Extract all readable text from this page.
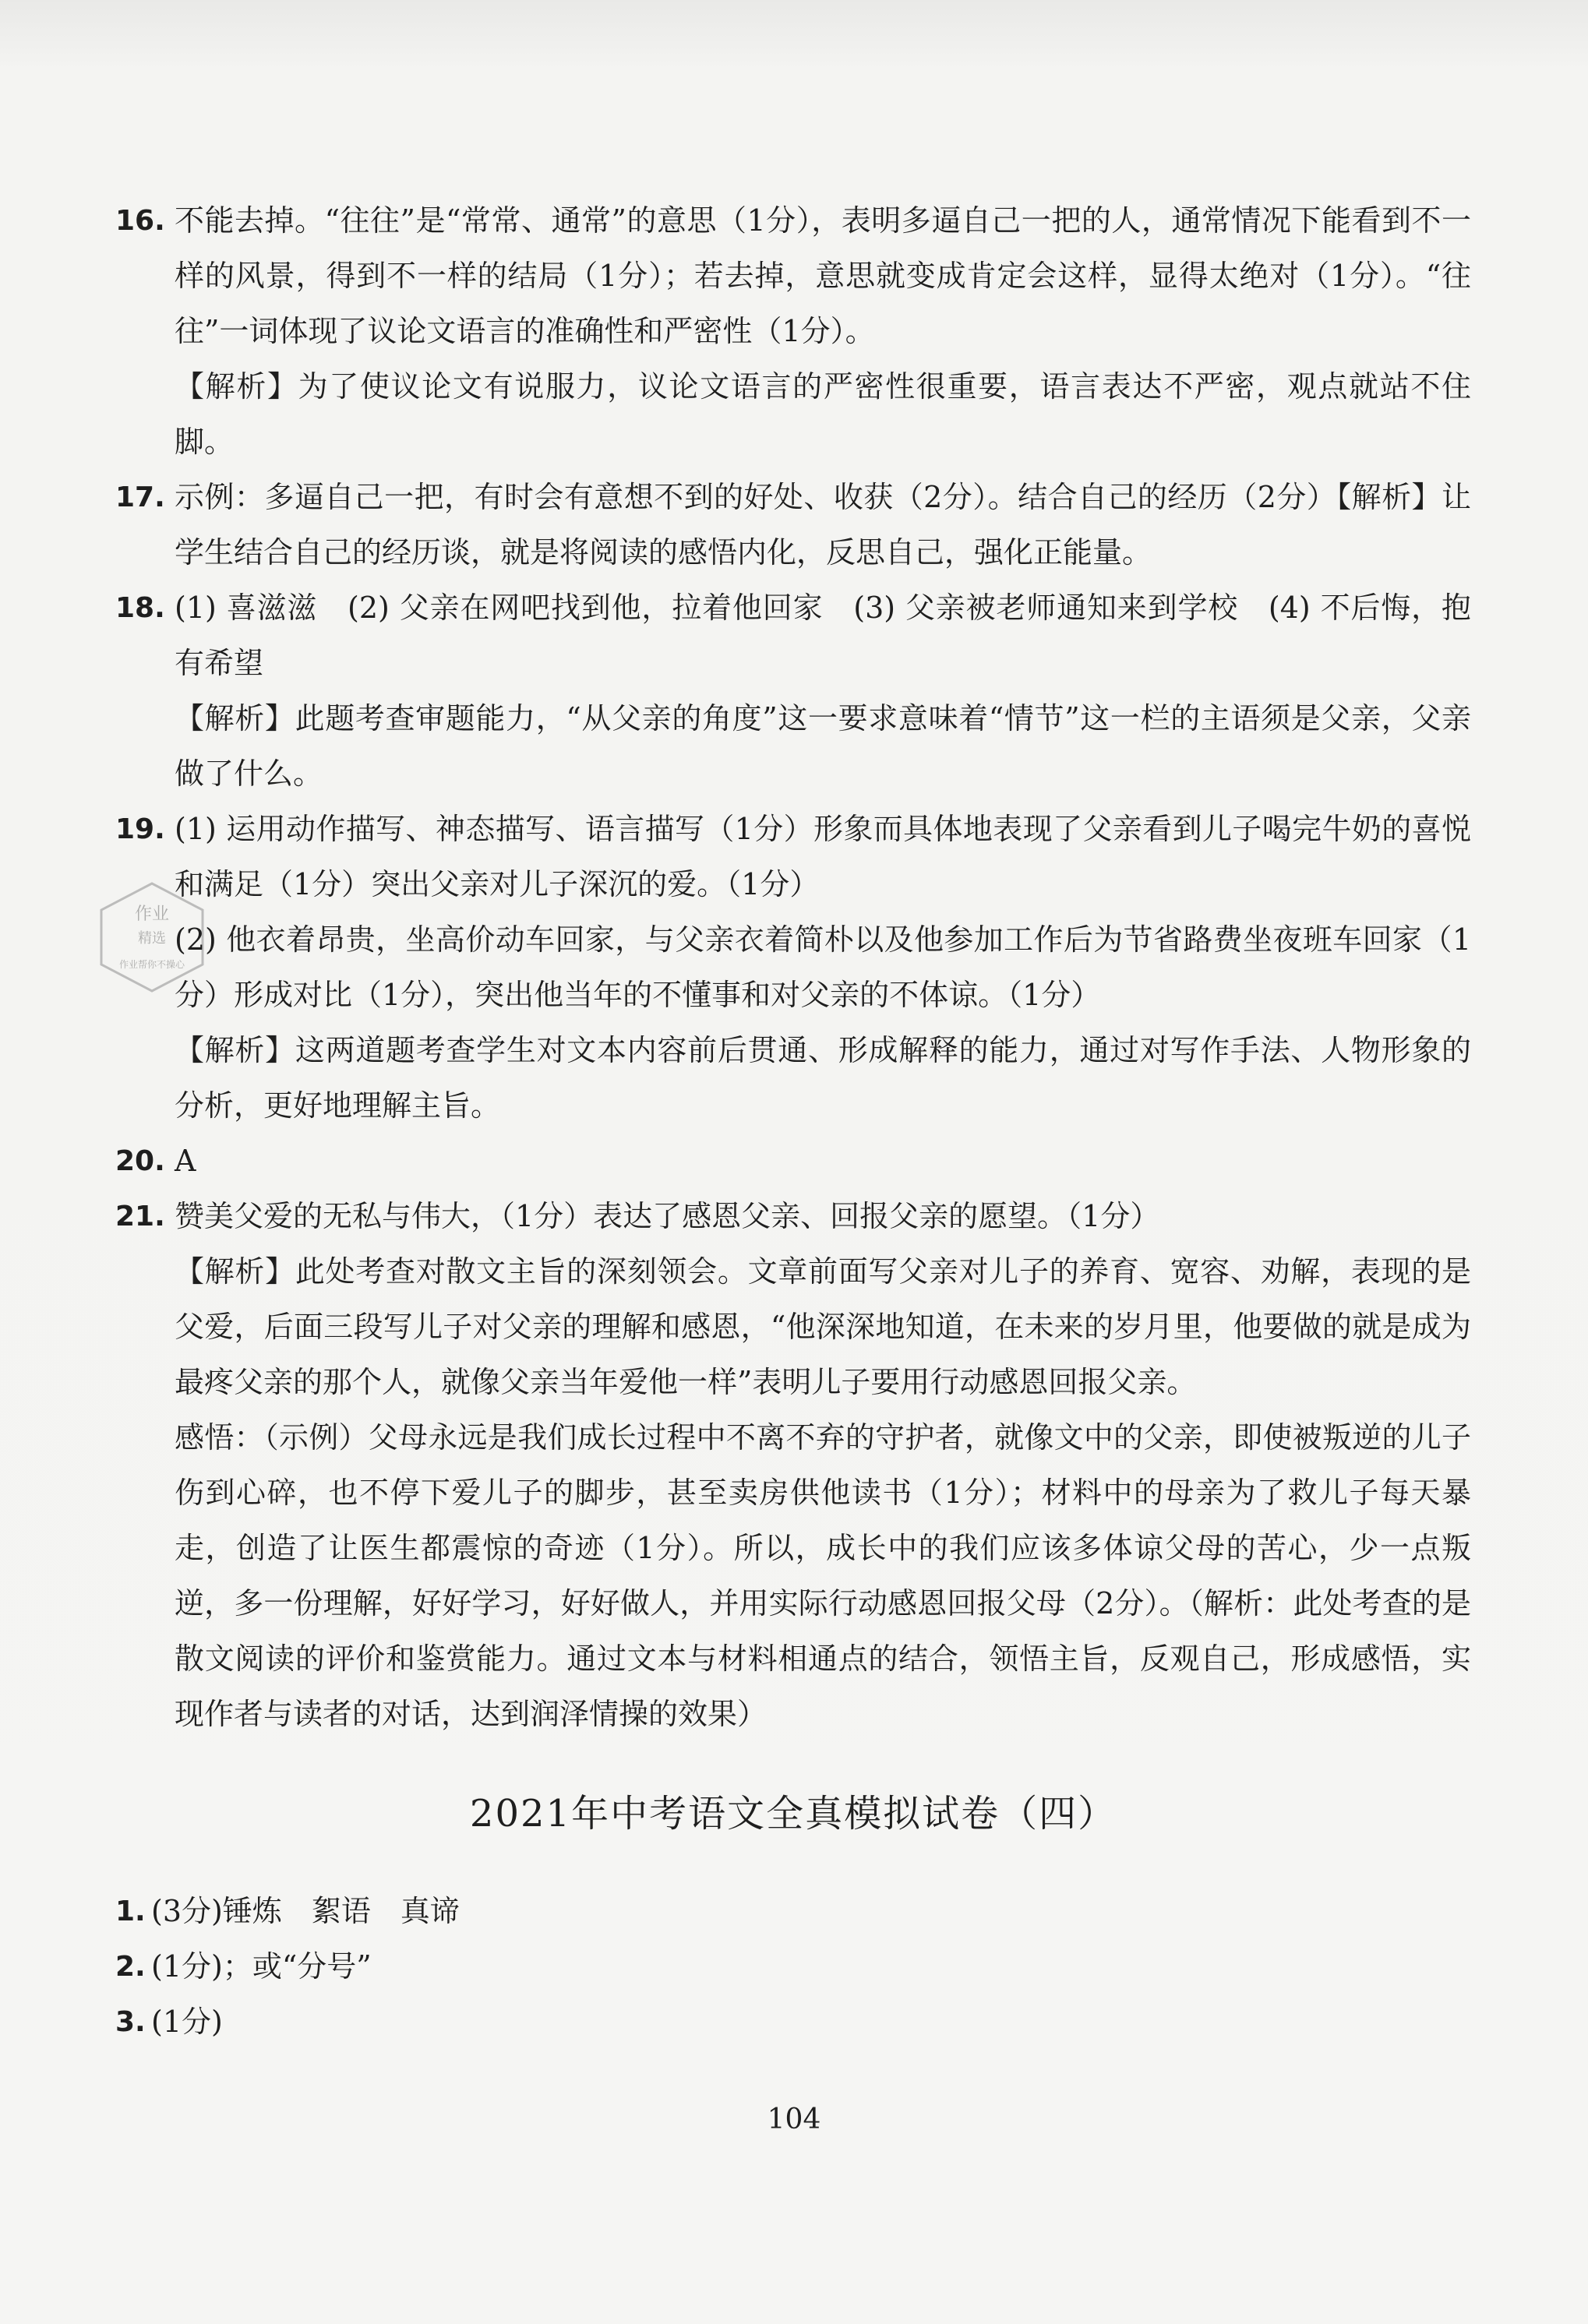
作业
精选
作业帮你不操心
16. 不能去掉。“往往”是“常常、通常”的意思（1分），表明多逼自己一把的人，通常情况下能看到不一样的风景，得到不一样的结局（1分）；若去掉，意思就变成肯定会这样，显得太绝对（1分）。“往往”一词体现了议论文语言的准确性和严密性（1分）。
【解析】为了使议论文有说服力，议论文语言的严密性很重要，语言表达不严密，观点就站不住脚。
17. 示例：多逼自己一把，有时会有意想不到的好处、收获（2分）。结合自己的经历（2分）【解析】让学生结合自己的经历谈，就是将阅读的感悟内化，反思自己，强化正能量。
18. (1) 喜滋滋　(2) 父亲在网吧找到他，拉着他回家　(3) 父亲被老师通知来到学校　(4) 不后悔，抱有希望
【解析】此题考查审题能力，“从父亲的角度”这一要求意味着“情节”这一栏的主语须是父亲，父亲做了什么。
19. (1) 运用动作描写、神态描写、语言描写（1分）形象而具体地表现了父亲看到儿子喝完牛奶的喜悦和满足（1分）突出父亲对儿子深沉的爱。（1分）
(2) 他衣着昂贵，坐高价动车回家，与父亲衣着简朴以及他参加工作后为节省路费坐夜班车回家（1分）形成对比（1分），突出他当年的不懂事和对父亲的不体谅。（1分）
【解析】这两道题考查学生对文本内容前后贯通、形成解释的能力，通过对写作手法、人物形象的分析，更好地理解主旨。
20. A
21. 赞美父爱的无私与伟大，（1分）表达了感恩父亲、回报父亲的愿望。（1分）
【解析】此处考查对散文主旨的深刻领会。文章前面写父亲对儿子的养育、宽容、劝解，表现的是父爱，后面三段写儿子对父亲的理解和感恩，“他深深地知道，在未来的岁月里，他要做的就是成为最疼父亲的那个人，就像父亲当年爱他一样”表明儿子要用行动感恩回报父亲。
感悟：（示例）父母永远是我们成长过程中不离不弃的守护者，就像文中的父亲，即使被叛逆的儿子伤到心碎，也不停下爱儿子的脚步，甚至卖房供他读书（1分）；材料中的母亲为了救儿子每天暴走，创造了让医生都震惊的奇迹（1分）。所以，成长中的我们应该多体谅父母的苦心，少一点叛逆，多一份理解，好好学习，好好做人，并用实际行动感恩回报父母（2分）。（解析：此处考查的是散文阅读的评价和鉴赏能力。通过文本与材料相通点的结合，领悟主旨，反观自己，形成感悟，实现作者与读者的对话，达到润泽情操的效果）
2021年中考语文全真模拟试卷（四）
1. (3分)锤炼　絮语　真谛
2. (1分)；或“分号”
3. (1分)
104
